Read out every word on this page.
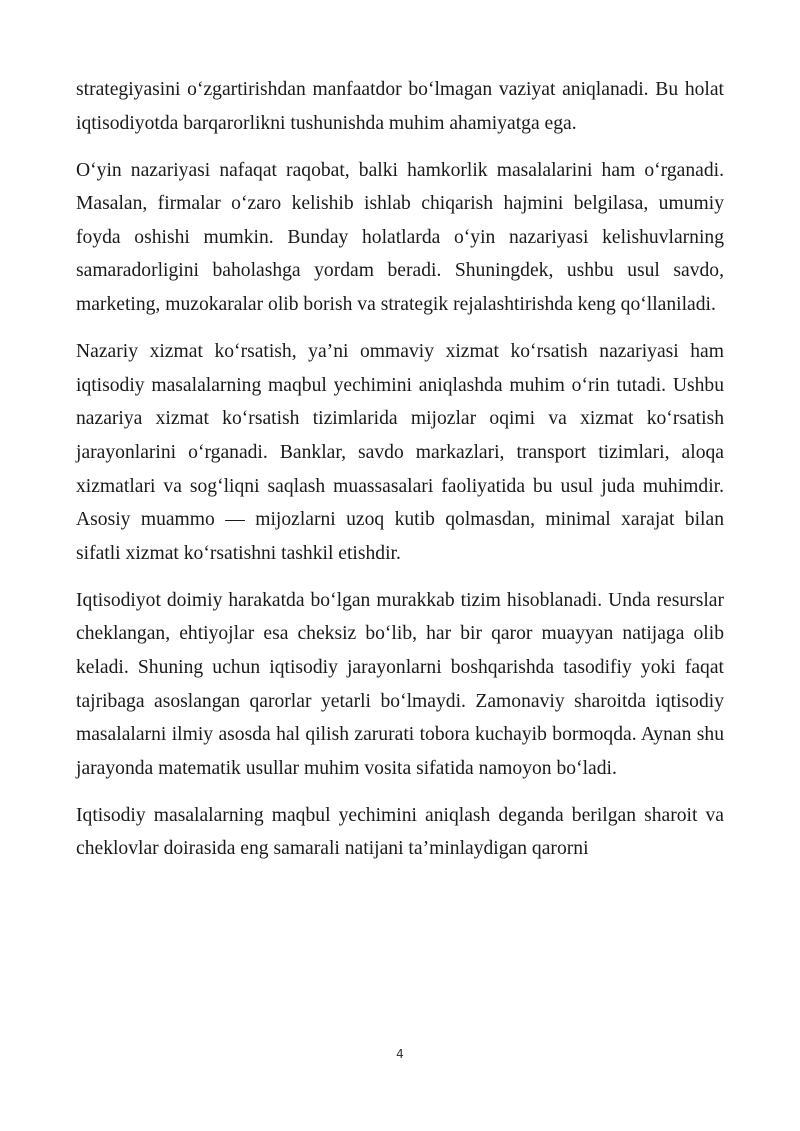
strategiyasini o‘zgartirishdan manfaatdor bo‘lmagan vaziyat aniqlanadi. Bu holat iqtisodiyotda barqarorlikni tushunishda muhim ahamiyatga ega.

O‘yin nazariyasi nafaqat raqobat, balki hamkorlik masalalarini ham o‘rganadi. Masalan, firmalar o‘zaro kelishib ishlab chiqarish hajmini belgilasa, umumiy foyda oshishi mumkin. Bunday holatlarda o‘yin nazariyasi kelishuvlarning samaradorligini baholashga yordam beradi. Shuningdek, ushbu usul savdo, marketing, muzokaralar olib borish va strategik rejalashtirishda keng qo‘llaniladi.

Nazariy xizmat ko‘rsatish, ya’ni ommaviy xizmat ko‘rsatish nazariyasi ham iqtisodiy masalalarning maqbul yechimini aniqlashda muhim o‘rin tutadi. Ushbu nazariya xizmat ko‘rsatish tizimlarida mijozlar oqimi va xizmat ko‘rsatish jarayonlarini o‘rganadi. Banklar, savdo markazlari, transport tizimlari, aloqa xizmatlari va sog‘liqni saqlash muassasalari faoliyatida bu usul juda muhimdir. Asosiy muammo — mijozlarni uzoq kutib qolmasdan, minimal xarajat bilan sifatli xizmat ko‘rsatishni tashkil etishdir.

Iqtisodiyot doimiy harakatda bo‘lgan murakkab tizim hisoblanadi. Unda resurslar cheklangan, ehtiyojlar esa cheksiz bo‘lib, har bir qaror muayyan natijaga olib keladi. Shuning uchun iqtisodiy jarayonlarni boshqarishda tasodifiy yoki faqat tajribaga asoslangan qarorlar yetarli bo‘lmaydi. Zamonaviy sharoitda iqtisodiy masalalarni ilmiy asosda hal qilish zarurati tobora kuchayib bormoqda. Aynan shu jarayonda matematik usullar muhim vosita sifatida namoyon bo‘ladi.

Iqtisodiy masalalarning maqbul yechimini aniqlash deganda berilgan sharoit va cheklovlar doirasida eng samarali natijani ta’minlaydigan qarorni

4
